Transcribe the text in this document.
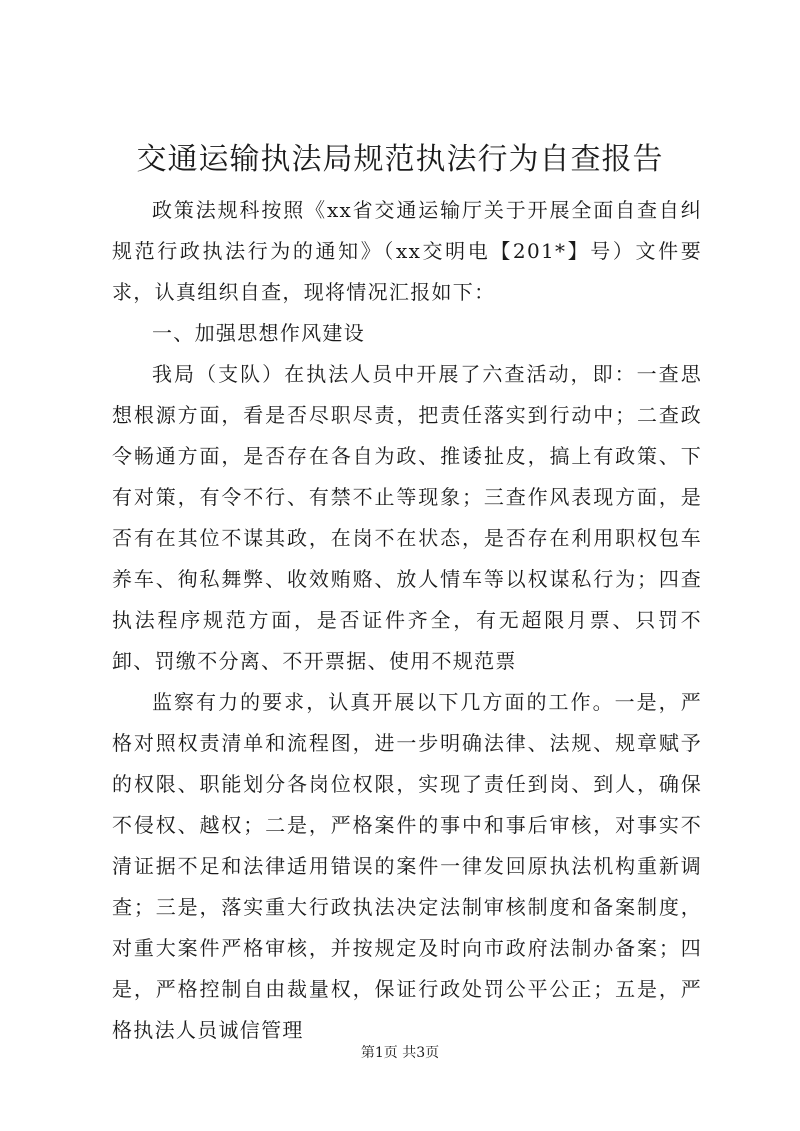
交通运输执法局规范执法行为自查报告

政策法规科按照《xx省交通运输厅关于开展全面自查自纠规范行政执法行为的通知》（xx交明电【201*】号）文件要求，认真组织自查，现将情况汇报如下：

一、加强思想作风建设

我局（支队）在执法人员中开展了六查活动，即：一查思想根源方面，看是否尽职尽责，把责任落实到行动中；二查政令畅通方面，是否存在各自为政、推诿扯皮，搞上有政策、下有对策，有令不行、有禁不止等现象；三查作风表现方面，是否有在其位不谋其政，在岗不在状态，是否存在利用职权包车养车、徇私舞弊、收效贿赂、放人情车等以权谋私行为；四查执法程序规范方面，是否证件齐全，有无超限月票、只罚不卸、罚缴不分离、不开票据、使用不规范票

监察有力的要求，认真开展以下几方面的工作。一是，严格对照权责清单和流程图，进一步明确法律、法规、规章赋予的权限、职能划分各岗位权限，实现了责任到岗、到人，确保不侵权、越权；二是，严格案件的事中和事后审核，对事实不清证据不足和法律适用错误的案件一律发回原执法机构重新调查；三是，落实重大行政执法决定法制审核制度和备案制度，对重大案件严格审核，并按规定及时向市政府法制办备案；四是，严格控制自由裁量权，保证行政处罚公平公正；五是，严格执法人员诚信管理

第1页 共3页
